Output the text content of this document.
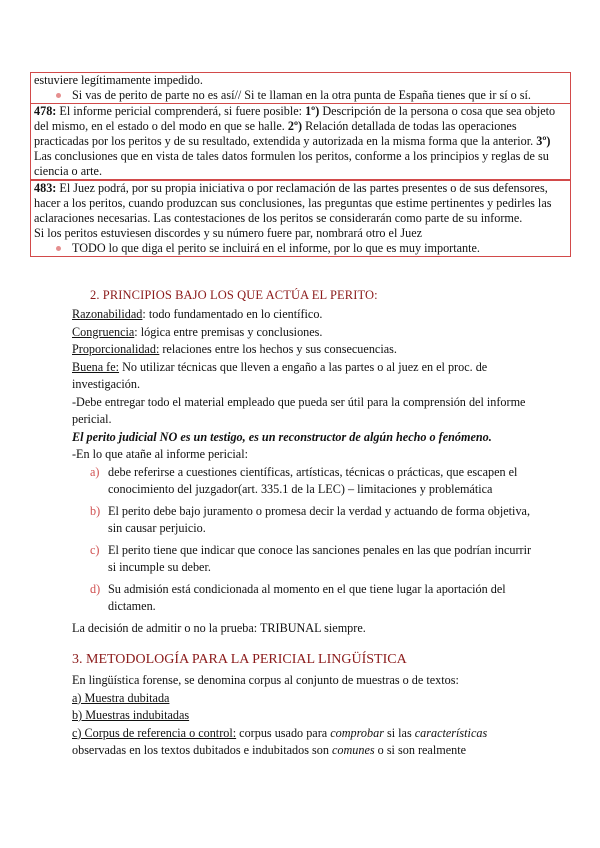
estuviere legítimamente impedido.

Si vas de perito de parte no es así// Si te llaman en la otra punta de España tienes que ir sí o sí.

478: El informe pericial comprenderá, si fuere posible: 1º) Descripción de la persona o cosa que sea objeto del mismo, en el estado o del modo en que se halle. 2º) Relación detallada de todas las operaciones practicadas por los peritos y de su resultado, extendida y autorizada en la misma forma que la anterior. 3º) Las conclusiones que en vista de tales datos formulen los peritos, conforme a los principios y reglas de su ciencia o arte.

483: El Juez podrá, por su propia iniciativa o por reclamación de las partes presentes o de sus defensores, hacer a los peritos, cuando produzcan sus conclusiones, las preguntas que estime pertinentes y pedirles las aclaraciones necesarias. Las contestaciones de los peritos se considerarán como parte de su informe.

Si los peritos estuviesen discordes y su número fuere par, nombrará otro el Juez

TODO lo que diga el perito se incluirá en el informe, por lo que es muy importante.

2. PRINCIPIOS BAJO LOS QUE ACTÚA EL PERITO:

Razonabilidad: todo fundamentado en lo científico.

Congruencia: lógica entre premisas y conclusiones.

Proporcionalidad: relaciones entre los hechos y sus consecuencias.

Buena fe: No utilizar técnicas que lleven a engaño a las partes o al juez en el proc. de investigación.

-Debe entregar todo el material empleado que pueda ser útil para la comprensión del informe pericial.

El perito judicial NO es un testigo, es un reconstructor de algún hecho o fenómeno.

-En lo que atañe al informe pericial:

a) debe referirse a cuestiones científicas, artísticas, técnicas o prácticas, que escapen el conocimiento del juzgador(art. 335.1 de la LEC) – limitaciones y problemática
b) El perito debe bajo juramento o promesa decir la verdad y actuando de forma objetiva, sin causar perjuicio.
c) El perito tiene que indicar que conoce las sanciones penales en las que podrían incurrir si incumple su deber.
d) Su admisión está condicionada al momento en el que tiene lugar la aportación del dictamen.

La decisión de admitir o no la prueba: TRIBUNAL siempre.

3. METODOLOGÍA PARA LA PERICIAL LINGÜÍSTICA

En lingüística forense, se denomina corpus al conjunto de muestras o de textos:

a) Muestra dubitada

b) Muestras indubitadas

c) Corpus de referencia o control: corpus usado para comprobar si las características observadas en los textos dubitados e indubitados son comunes o si son realmente
